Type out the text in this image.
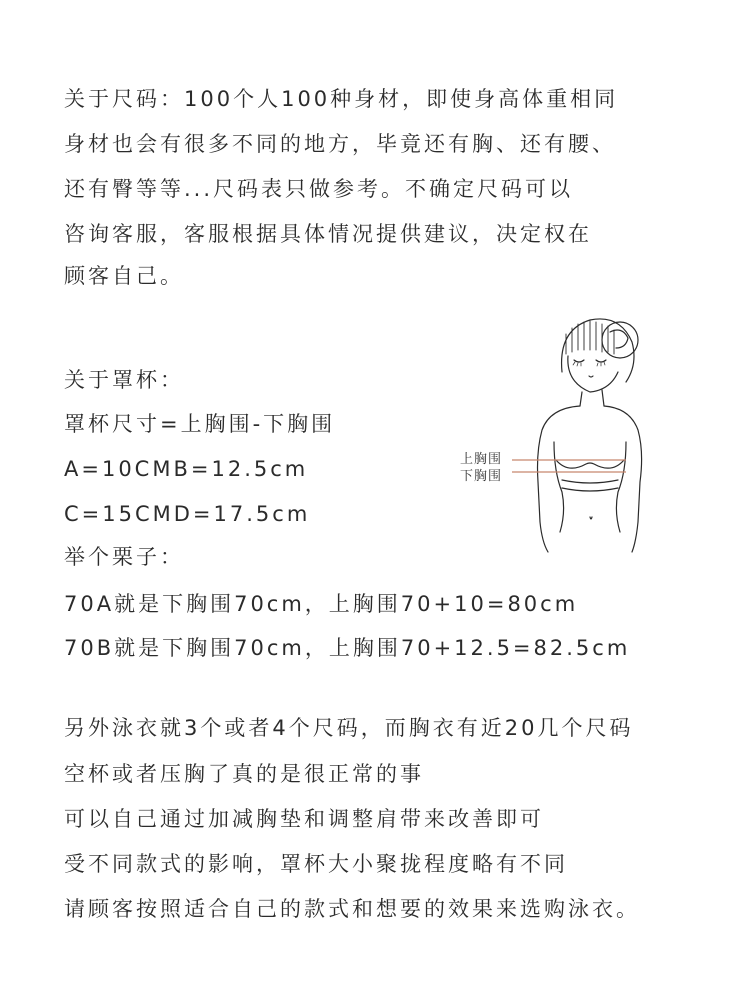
关于尺码：100个人100种身材，即使身高体重相同
身材也会有很多不同的地方，毕竟还有胸、还有腰、
还有臀等等...尺码表只做参考。不确定尺码可以
咨询客服，客服根据具体情况提供建议，决定权在
顾客自己。
关于罩杯：
罩杯尺寸=上胸围-下胸围
A=10CMB=12.5cm
C=15CMD=17.5cm
举个栗子：
70A就是下胸围70cm，上胸围70+10=80cm
70B就是下胸围70cm，上胸围70+12.5=82.5cm
上胸围
下胸围
另外泳衣就3个或者4个尺码，而胸衣有近20几个尺码
空杯或者压胸了真的是很正常的事
可以自己通过加减胸垫和调整肩带来改善即可
受不同款式的影响，罩杯大小聚拢程度略有不同
请顾客按照适合自己的款式和想要的效果来选购泳衣。
